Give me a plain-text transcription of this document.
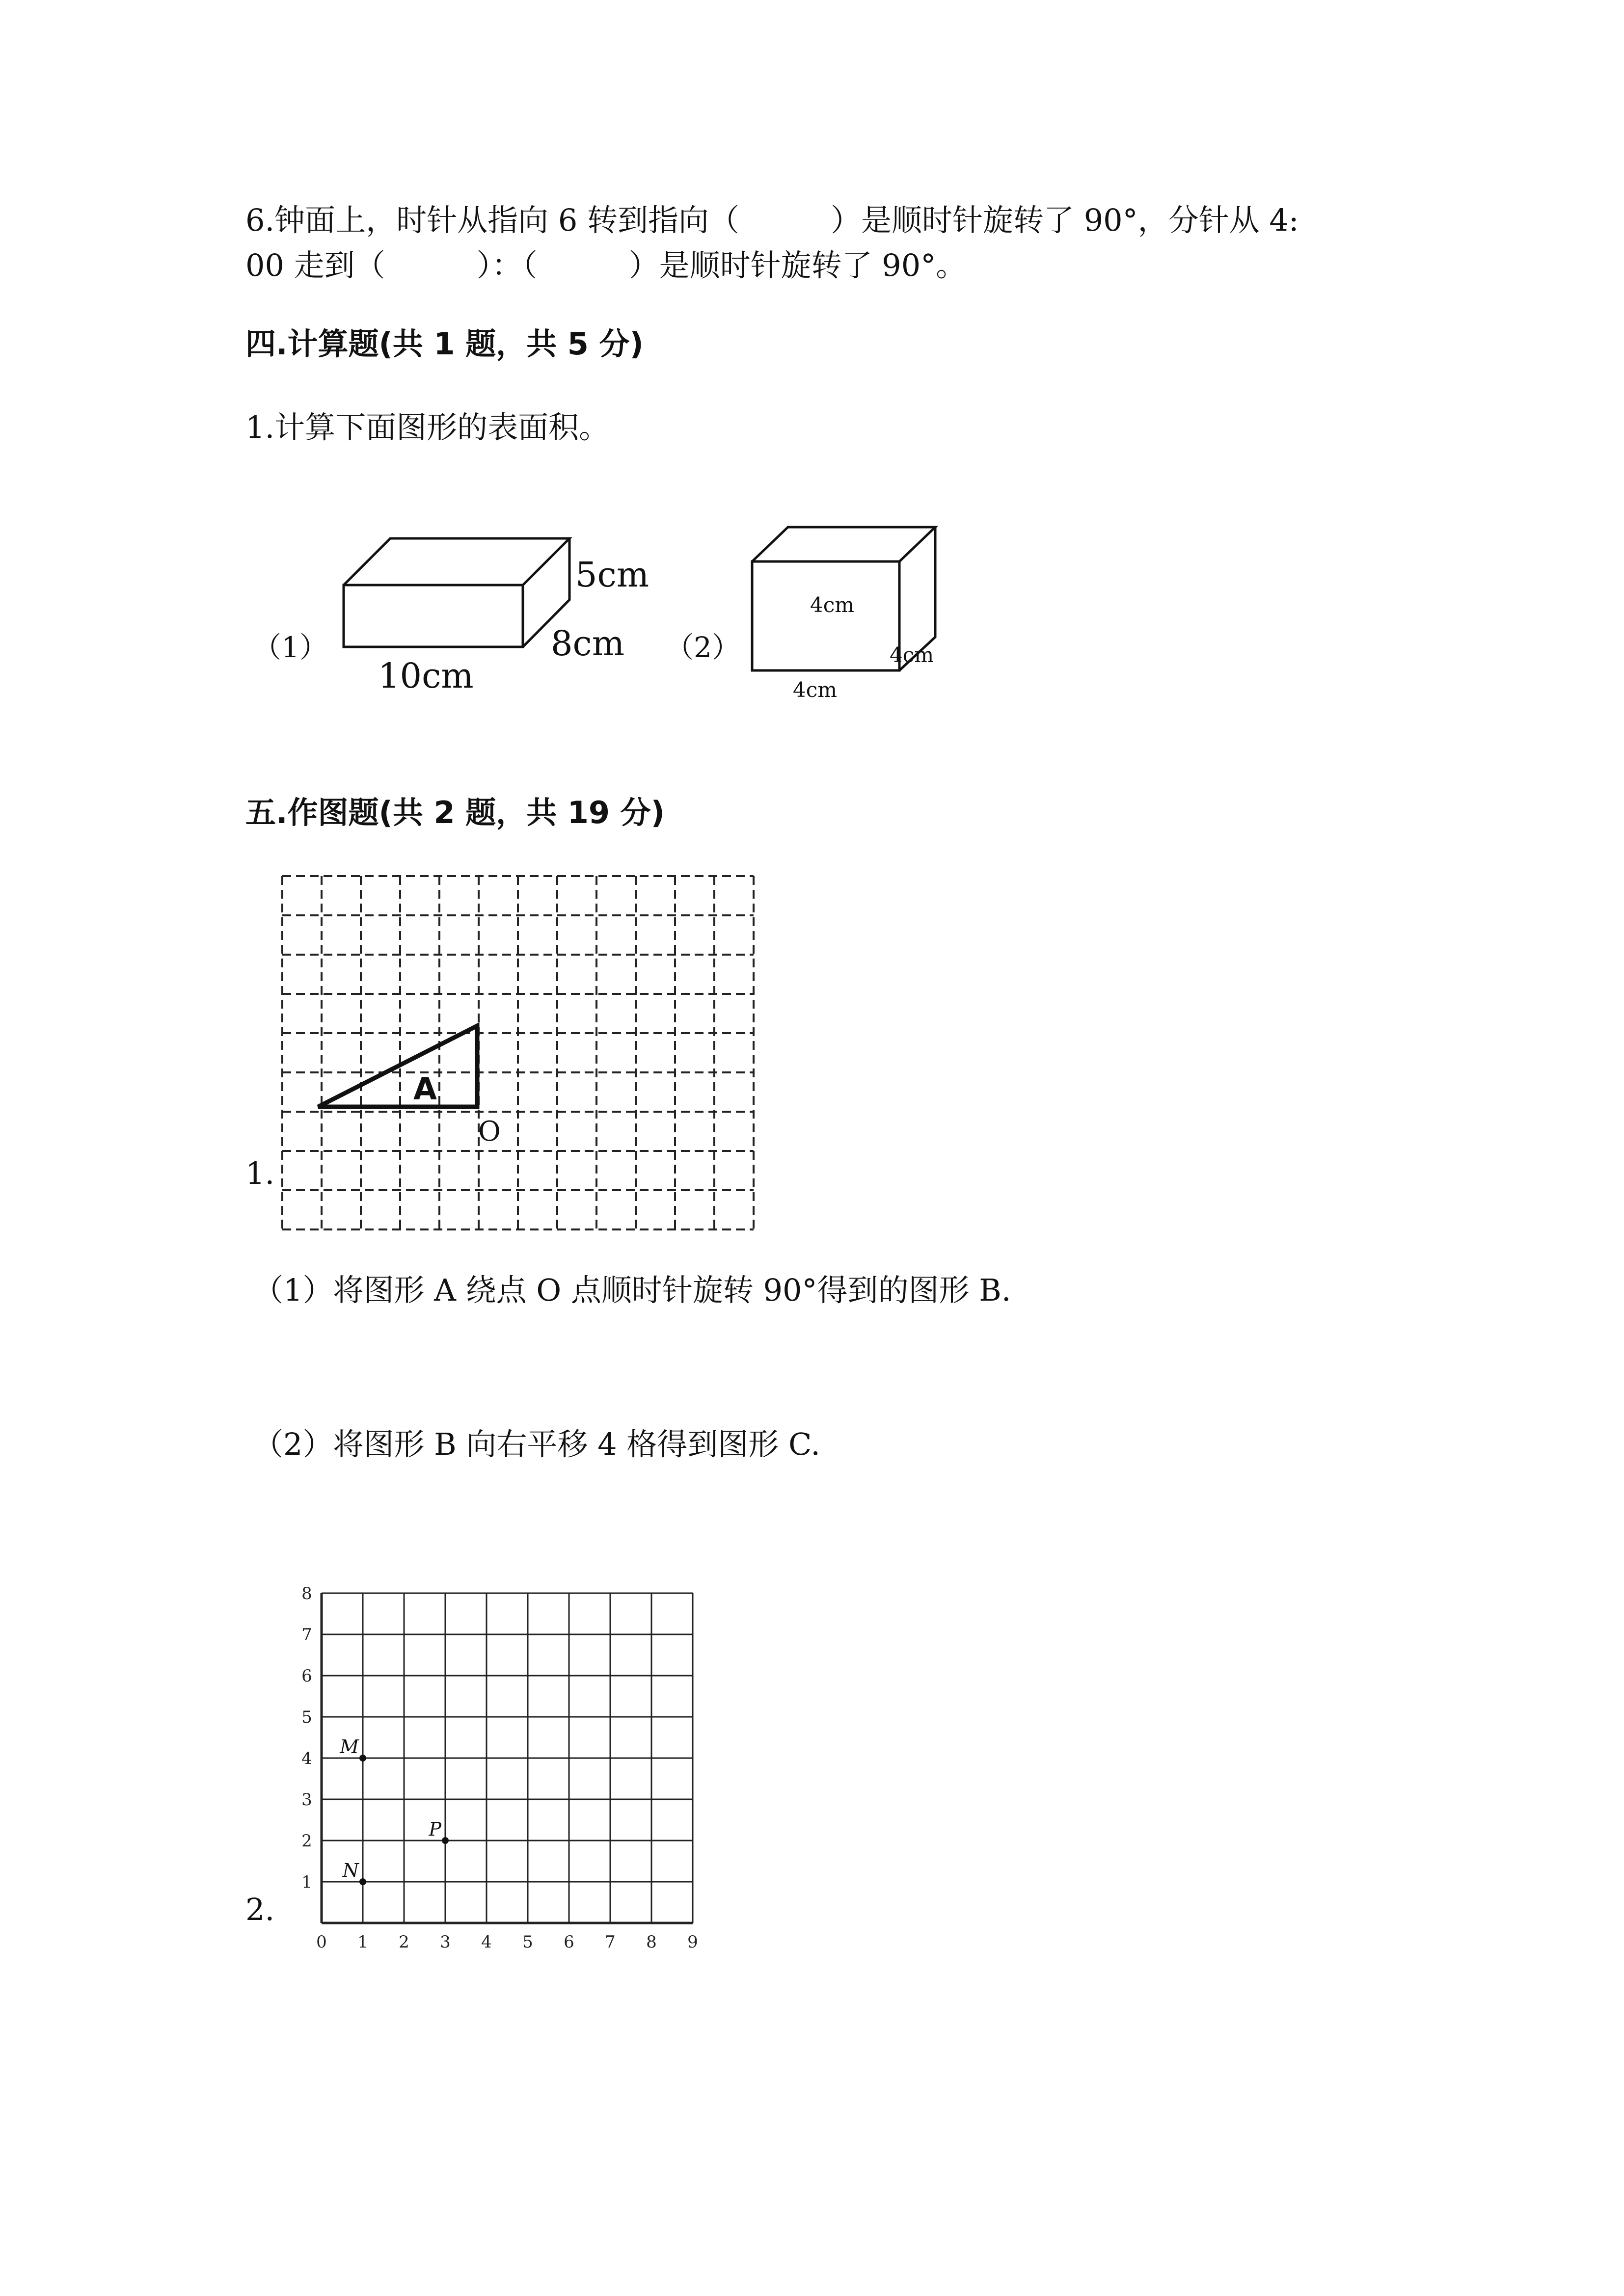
6.钟面上，时针从指向 6 转到指向（　　　）是顺时针旋转了 90°，分针从 4:
00 走到（　　　）：（　　　）是顺时针旋转了 90°。
四.计算题(共 1 题，共 5 分)
1.计算下面图形的表面积。
（1）
5cm
8cm
10cm
（2）
4cm
4cm
4cm
五.作图题(共 2 题，共 19 分)
A
O
1.
（1）将图形 A 绕点 O 点顺时针旋转 90°得到的图形 B.
（2）将图形 B 向右平移 4 格得到图形 C.
0 1 2 3 4 5 6 7 8 9
1
2
3
4
5
6
7
8
M
P
N
2.
